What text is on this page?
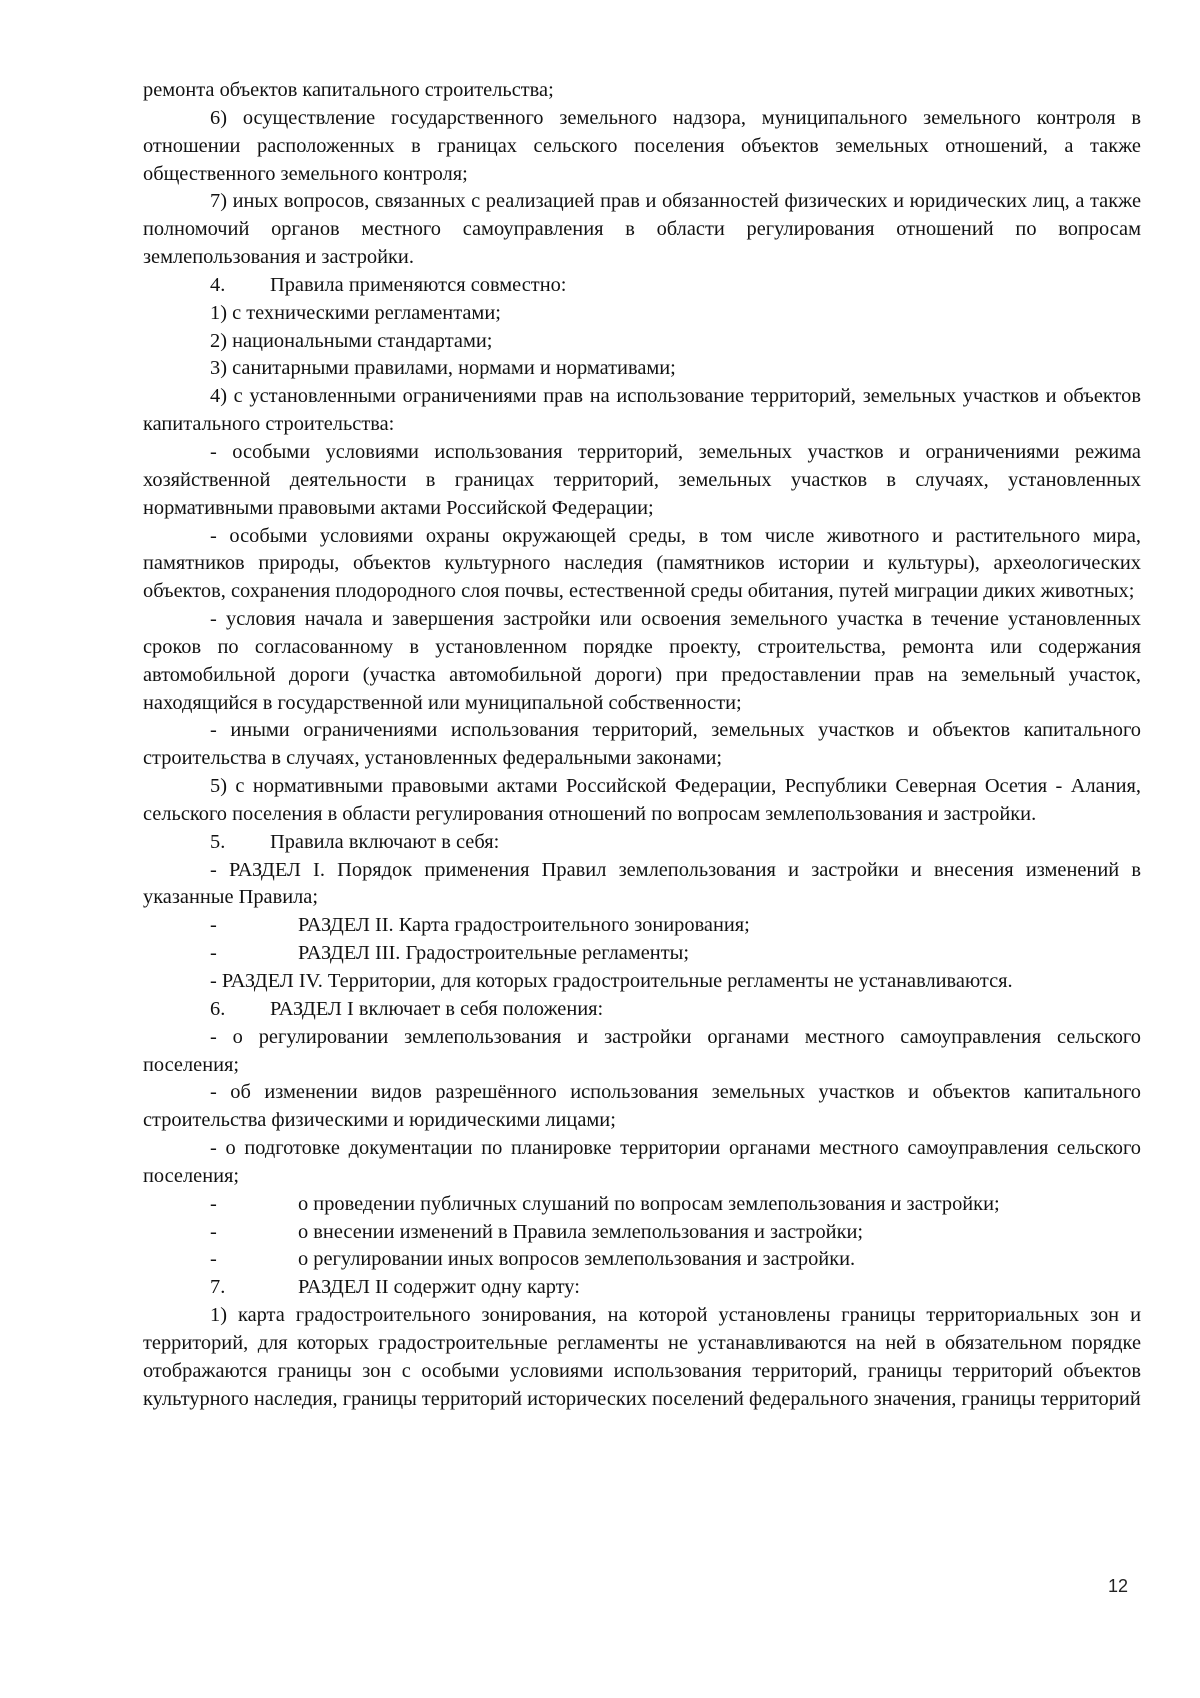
ремонта объектов капитального строительства;

6) осуществление государственного земельного надзора, муниципального земельного контроля в отношении расположенных в границах сельского поселения объектов земельных отношений, а также общественного земельного контроля;

7) иных вопросов, связанных с реализацией прав и обязанностей физических и юридических лиц, а также полномочий органов местного самоуправления в области регулирования отношений по вопросам землепользования и застройки.

4. Правила применяются совместно:

1) с техническими регламентами;

2) национальными стандартами;

3) санитарными правилами, нормами и нормативами;

4) с установленными ограничениями прав на использование территорий, земельных участков и объектов капитального строительства:

- особыми условиями использования территорий, земельных участков и ограничениями режима хозяйственной деятельности в границах территорий, земельных участков в случаях, установленных нормативными правовыми актами Российской Федерации;

- особыми условиями охраны окружающей среды, в том числе животного и растительного мира, памятников природы, объектов культурного наследия (памятников истории и культуры), археологических объектов, сохранения плодородного слоя почвы, естественной среды обитания, путей миграции диких животных;

- условия начала и завершения застройки или освоения земельного участка в течение установленных сроков по согласованному в установленном порядке проекту, строительства, ремонта или содержания автомобильной дороги (участка автомобильной дороги) при предоставлении прав на земельный участок, находящийся в государственной или муниципальной собственности;

- иными ограничениями использования территорий, земельных участков и объектов капитального строительства в случаях, установленных федеральными законами;

5) с нормативными правовыми актами Российской Федерации, Республики Северная Осетия - Алания, сельского поселения в области регулирования отношений по вопросам землепользования и застройки.

5. Правила включают в себя:

- РАЗДЕЛ I. Порядок применения Правил землепользования и застройки и внесения изменений в указанные Правила;

-	РАЗДЕЛ II. Карта градостроительного зонирования;
-	РАЗДЕЛ III. Градостроительные регламенты;

- РАЗДЕЛ IV. Территории, для которых градостроительные регламенты не устанавливаются.

6. РАЗДЕЛ I включает в себя положения:

- о регулировании землепользования и застройки органами местного самоуправления сельского поселения;

- об изменении видов разрешённого использования земельных участков и объектов капитального строительства физическими и юридическими лицами;

- о подготовке документации по планировке территории органами местного самоуправления сельского поселения;

-	о проведении публичных слушаний по вопросам землепользования и застройки;
-	о внесении изменений в Правила землепользования и застройки;
-	о регулировании иных вопросов землепользования и застройки.
7.	РАЗДЕЛ II содержит одну карту:

1) карта градостроительного зонирования, на которой установлены границы территориальных зон и территорий, для которых градостроительные регламенты не устанавливаются на ней в обязательном порядке отображаются границы зон с особыми условиями использования территорий, границы территорий объектов культурного наследия, границы территорий исторических поселений федерального значения, границы территорий

12
